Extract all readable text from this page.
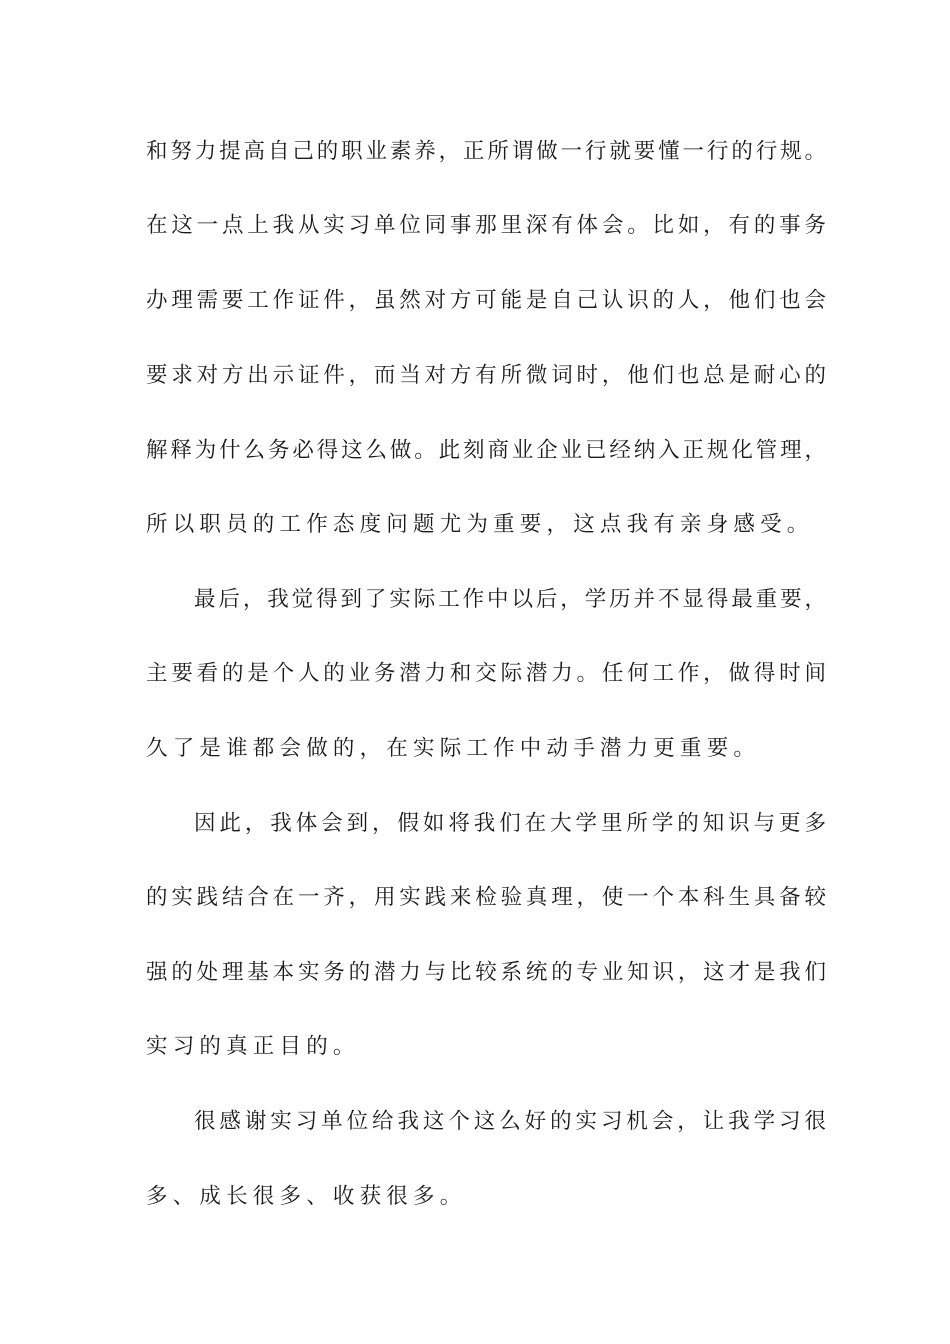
和努力提高自己的职业素养，正所谓做一行就要懂一行的行规。
在这一点上我从实习单位同事那里深有体会。比如，有的事务
办理需要工作证件，虽然对方可能是自己认识的人，他们也会
要求对方出示证件，而当对方有所微词时，他们也总是耐心的
解释为什么务必得这么做。此刻商业企业已经纳入正规化管理，
所以职员的工作态度问题尤为重要，这点我有亲身感受。
最后，我觉得到了实际工作中以后，学历并不显得最重要，
主要看的是个人的业务潜力和交际潜力。任何工作，做得时间
久了是谁都会做的，在实际工作中动手潜力更重要。
因此，我体会到，假如将我们在大学里所学的知识与更多
的实践结合在一齐，用实践来检验真理，使一个本科生具备较
强的处理基本实务的潜力与比较系统的专业知识，这才是我们
实习的真正目的。
很感谢实习单位给我这个这么好的实习机会，让我学习很
多、成长很多、收获很多。
